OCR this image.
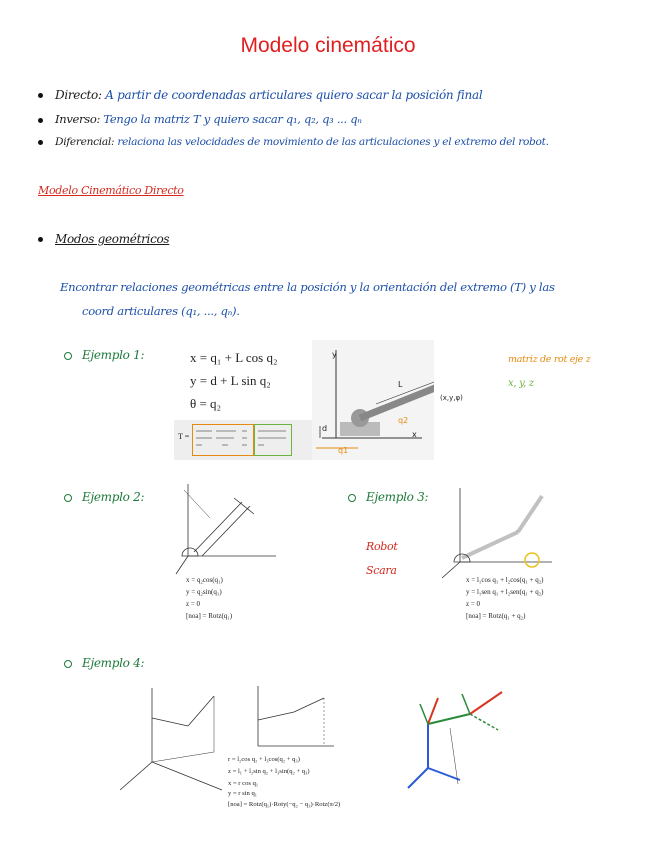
Modelo cinemático
Directo: A partir de coordenadas articulares quiero sacar la posición final
Inverso: Tengo la matriz T y quiero sacar q₁, q₂, q₃ ... qₙ
Diferencial: relaciona las velocidades de movimiento de las articulaciones y el extremo del robot.
Modelo Cinemático Directo
Modos geométricos
Encontrar relaciones geométricas entre la posición y la orientación del extremo (T) y las
coord articulares (q₁, ..., qₙ).
Ejemplo 1:	x = q₁ + L cos q₂
y = d + L sin q₂
θ = q₂
T =
y
x
L
q2
q1
d
(x,y,φ)
matriz de rot eje z
x, y, z
Ejemplo 2:
x = q₂cos(q₁)
y = q₂sin(q₁)
z = 0
[noa] = Rotz(q₁)
Ejemplo 3:
Robot
Scara
x = l₁cos q₁ + l₂cos(q₁ + q₂)
y = l₁sen q₁ + l₂sen(q₁ + q₂)
z = 0
[noa] = Rotz(q₁ + q₂)
Ejemplo 4:
r = l₂cos q₂ + l₃cos(q₂ + q₃)
z = l₁ + l₂sin q₂ + l₃sin(q₂ + q₃)
x = r cos q₁
y = r sin q₁
[noa] = Rotz(q₁)·Roty(−q₂ − q₃)·Rotz(π/2)
